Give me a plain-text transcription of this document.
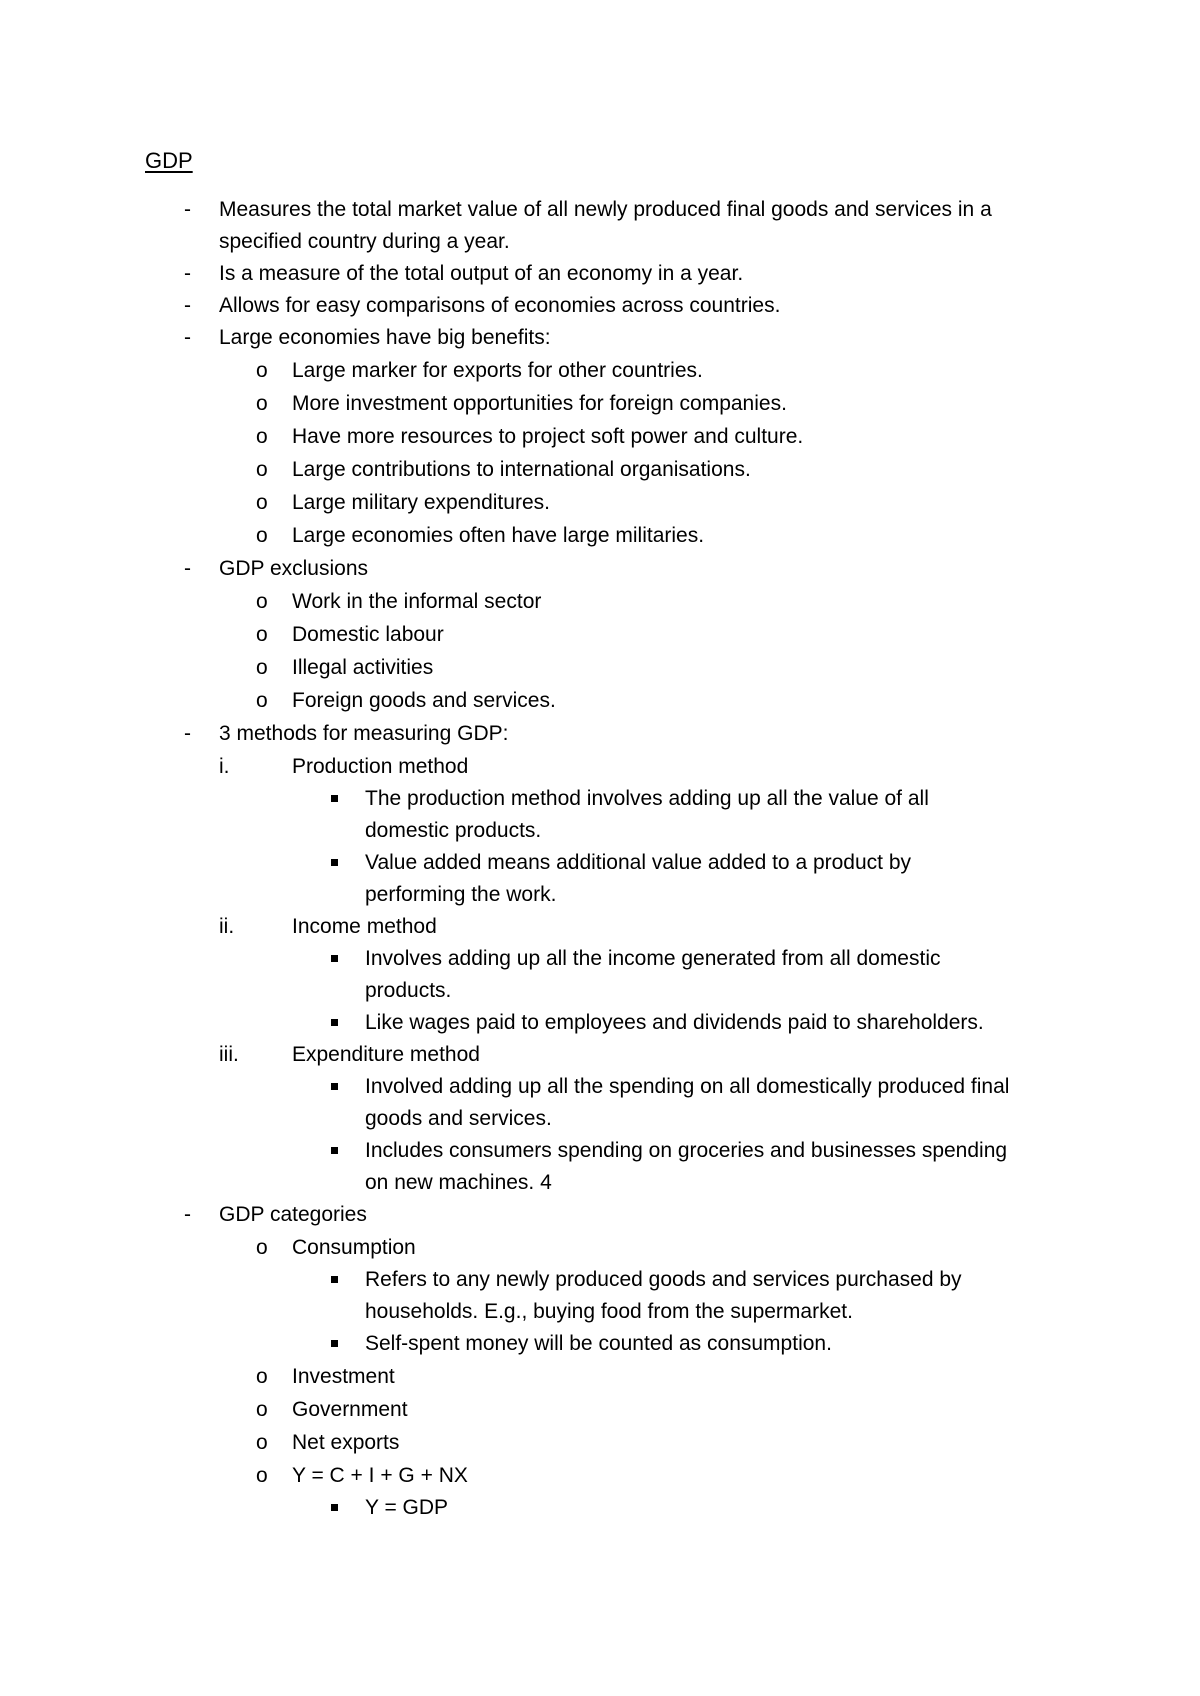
GDP
- Measures the total market value of all newly produced final goods and services in a
specified country during a year.
- Is a measure of the total output of an economy in a year.
- Allows for easy comparisons of economies across countries.
- Large economies have big benefits:
o Large marker for exports for other countries.
o More investment opportunities for foreign companies.
o Have more resources to project soft power and culture.
o Large contributions to international organisations.
o Large military expenditures.
o Large economies often have large militaries.
- GDP exclusions
o Work in the informal sector
o Domestic labour
o Illegal activities
o Foreign goods and services.
- 3 methods for measuring GDP:
i.	Production method
The production method involves adding up all the value of all
domestic products.
Value added means additional value added to a product by
performing the work.
ii.	Income method
Involves adding up all the income generated from all domestic
products.
Like wages paid to employees and dividends paid to shareholders.
iii.	Expenditure method
Involved adding up all the spending on all domestically produced final
goods and services.
Includes consumers spending on groceries and businesses spending
on new machines. 4
- GDP categories
o Consumption
Refers to any newly produced goods and services purchased by
households. E.g., buying food from the supermarket.
Self-spent money will be counted as consumption.
o Investment
o Government
o Net exports
o Y = C + I + G + NX
Y = GDP
